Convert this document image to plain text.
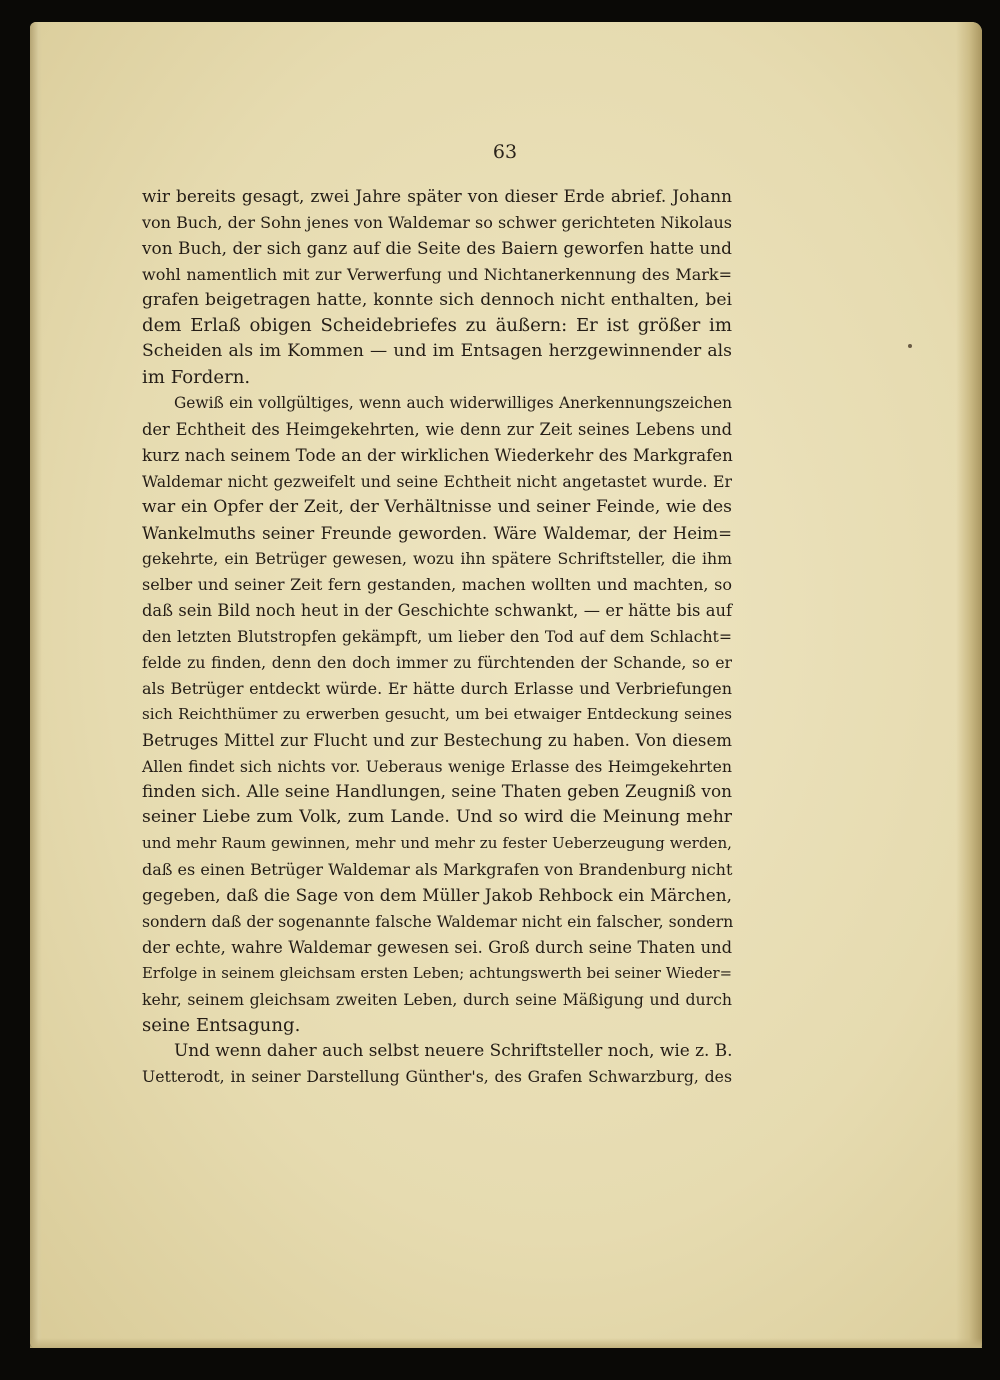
63
wir bereits gesagt, zwei Jahre später von dieser Erde abrief. Johann
von Buch, der Sohn jenes von Waldemar so schwer gerichteten Nikolaus
von Buch, der sich ganz auf die Seite des Baiern geworfen hatte und
wohl namentlich mit zur Verwerfung und Nichtanerkennung des Mark=
grafen beigetragen hatte, konnte sich dennoch nicht enthalten, bei
dem Erlaß obigen Scheidebriefes zu äußern: Er ist größer im
Scheiden als im Kommen — und im Entsagen herzgewinnender als
im Fordern.
Gewiß ein vollgültiges, wenn auch widerwilliges Anerkennungszeichen
der Echtheit des Heimgekehrten, wie denn zur Zeit seines Lebens und
kurz nach seinem Tode an der wirklichen Wiederkehr des Markgrafen
Waldemar nicht gezweifelt und seine Echtheit nicht angetastet wurde. Er
war ein Opfer der Zeit, der Verhältnisse und seiner Feinde, wie des
Wankelmuths seiner Freunde geworden. Wäre Waldemar, der Heim=
gekehrte, ein Betrüger gewesen, wozu ihn spätere Schriftsteller, die ihm
selber und seiner Zeit fern gestanden, machen wollten und machten, so
daß sein Bild noch heut in der Geschichte schwankt, — er hätte bis auf
den letzten Blutstropfen gekämpft, um lieber den Tod auf dem Schlacht=
felde zu finden, denn den doch immer zu fürchtenden der Schande, so er
als Betrüger entdeckt würde. Er hätte durch Erlasse und Verbriefungen
sich Reichthümer zu erwerben gesucht, um bei etwaiger Entdeckung seines
Betruges Mittel zur Flucht und zur Bestechung zu haben. Von diesem
Allen findet sich nichts vor. Ueberaus wenige Erlasse des Heimgekehrten
finden sich. Alle seine Handlungen, seine Thaten geben Zeugniß von
seiner Liebe zum Volk, zum Lande. Und so wird die Meinung mehr
und mehr Raum gewinnen, mehr und mehr zu fester Ueberzeugung werden,
daß es einen Betrüger Waldemar als Markgrafen von Brandenburg nicht
gegeben, daß die Sage von dem Müller Jakob Rehbock ein Märchen,
sondern daß der sogenannte falsche Waldemar nicht ein falscher, sondern
der echte, wahre Waldemar gewesen sei. Groß durch seine Thaten und
Erfolge in seinem gleichsam ersten Leben; achtungswerth bei seiner Wieder=
kehr, seinem gleichsam zweiten Leben, durch seine Mäßigung und durch
seine Entsagung.
Und wenn daher auch selbst neuere Schriftsteller noch, wie z. B.
Uetterodt, in seiner Darstellung Günther's, des Grafen Schwarzburg, des
